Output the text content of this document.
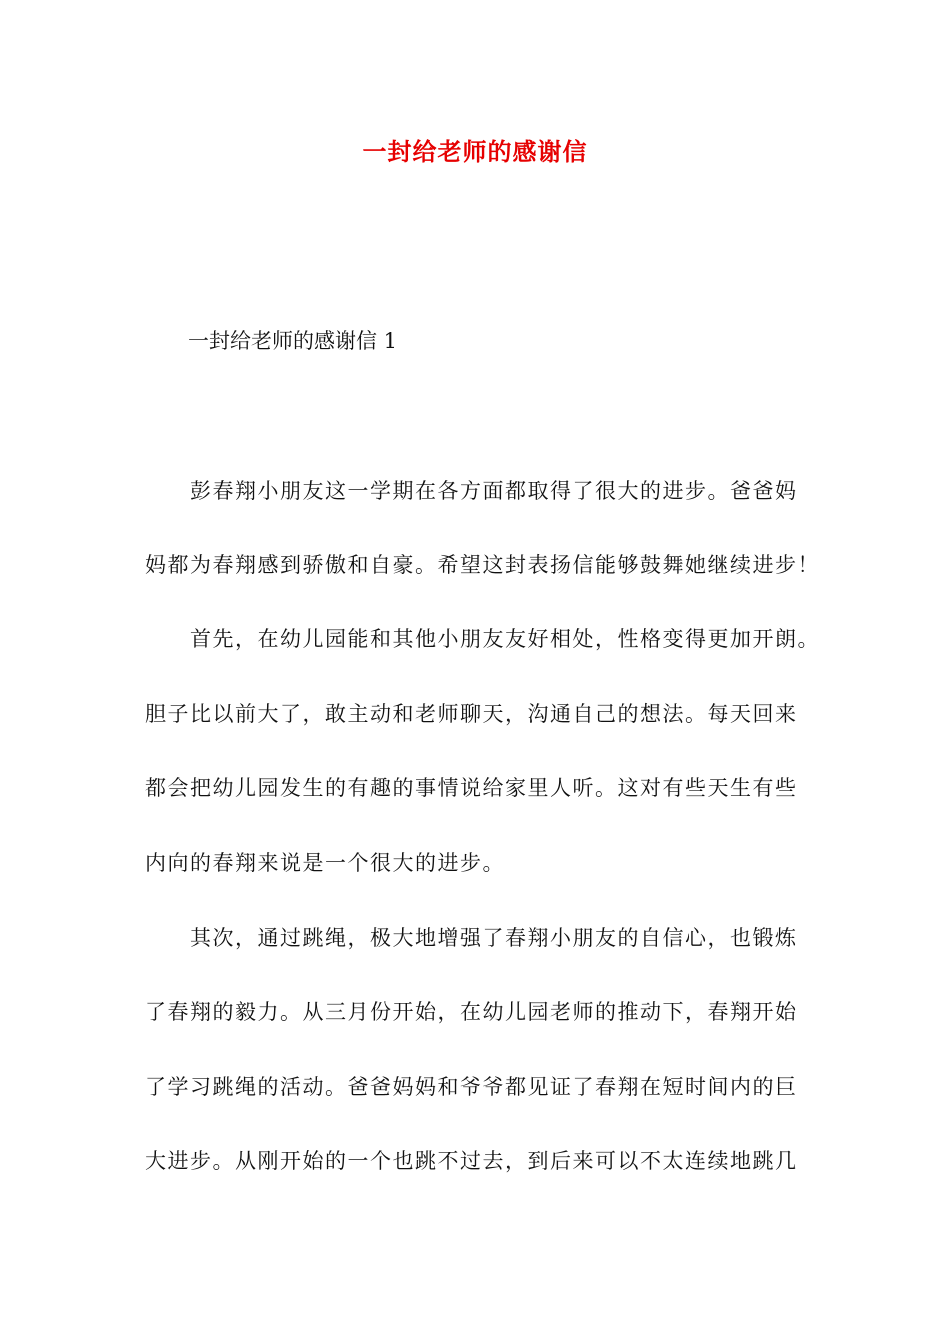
一封给老师的感谢信
一封给老师的感谢信 1
彭春翔小朋友这一学期在各方面都取得了很大的进步。爸爸妈
妈都为春翔感到骄傲和自豪。希望这封表扬信能够鼓舞她继续进步！
首先，在幼儿园能和其他小朋友友好相处，性格变得更加开朗。
胆子比以前大了，敢主动和老师聊天，沟通自己的想法。每天回来
都会把幼儿园发生的有趣的事情说给家里人听。这对有些天生有些
内向的春翔来说是一个很大的进步。
其次，通过跳绳，极大地增强了春翔小朋友的自信心，也锻炼
了春翔的毅力。从三月份开始，在幼儿园老师的推动下，春翔开始
了学习跳绳的活动。爸爸妈妈和爷爷都见证了春翔在短时间内的巨
大进步。从刚开始的一个也跳不过去，到后来可以不太连续地跳几
